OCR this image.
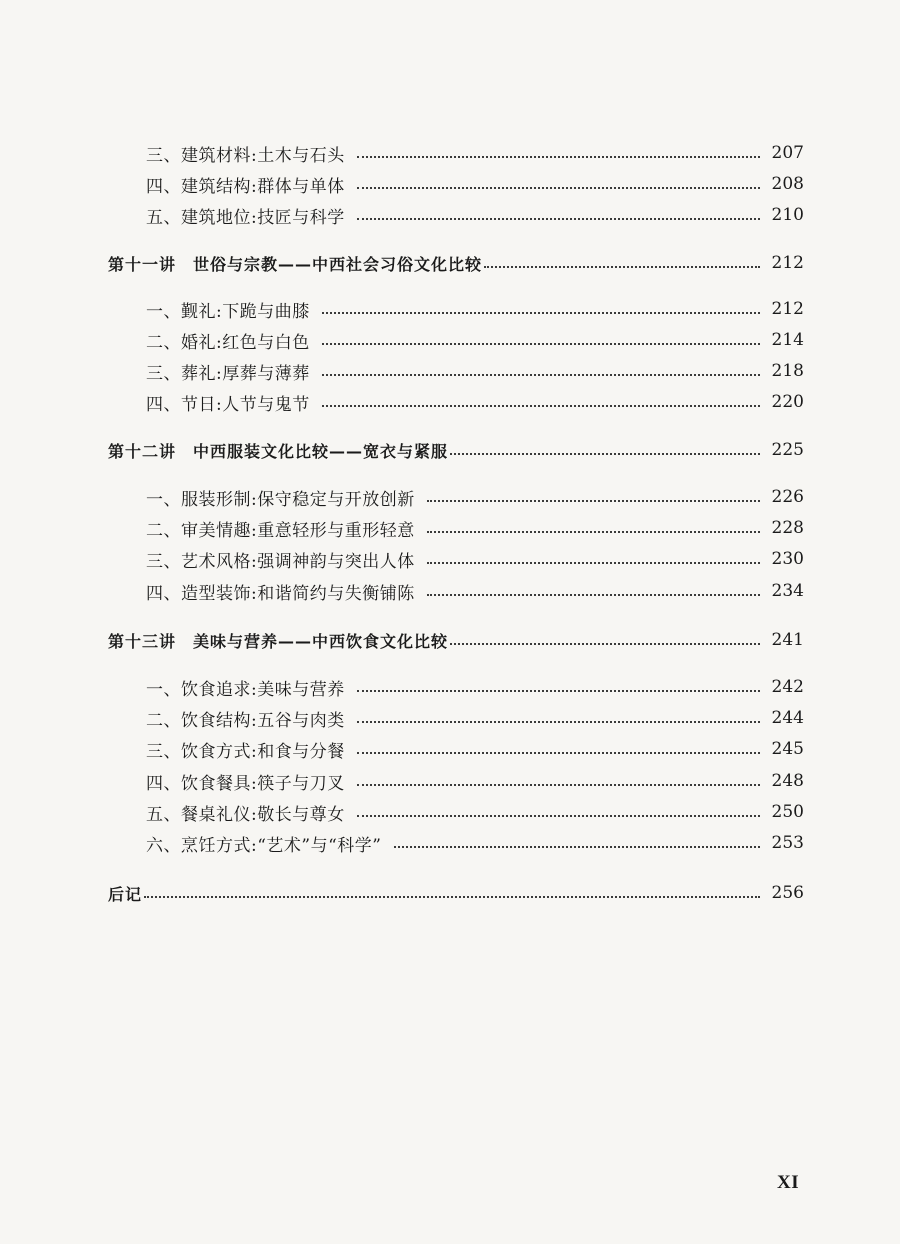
三、建筑材料:土木与石头	207
四、建筑结构:群体与单体	208
五、建筑地位:技匠与科学	210
第十一讲　世俗与宗教——中西社会习俗文化比较	212
一、觐礼:下跪与曲膝	212
二、婚礼:红色与白色	214
三、葬礼:厚葬与薄葬	218
四、节日:人节与鬼节	220
第十二讲　中西服装文化比较——宽衣与紧服	225
一、服装形制:保守稳定与开放创新	226
二、审美情趣:重意轻形与重形轻意	228
三、艺术风格:强调神韵与突出人体	230
四、造型装饰:和谐简约与失衡铺陈	234
第十三讲　美味与营养——中西饮食文化比较	241
一、饮食追求:美味与营养	242
二、饮食结构:五谷与肉类	244
三、饮食方式:和食与分餐	245
四、饮食餐具:筷子与刀叉	248
五、餐桌礼仪:敬长与尊女	250
六、烹饪方式:“艺术”与“科学”	253
后记	256
XI
